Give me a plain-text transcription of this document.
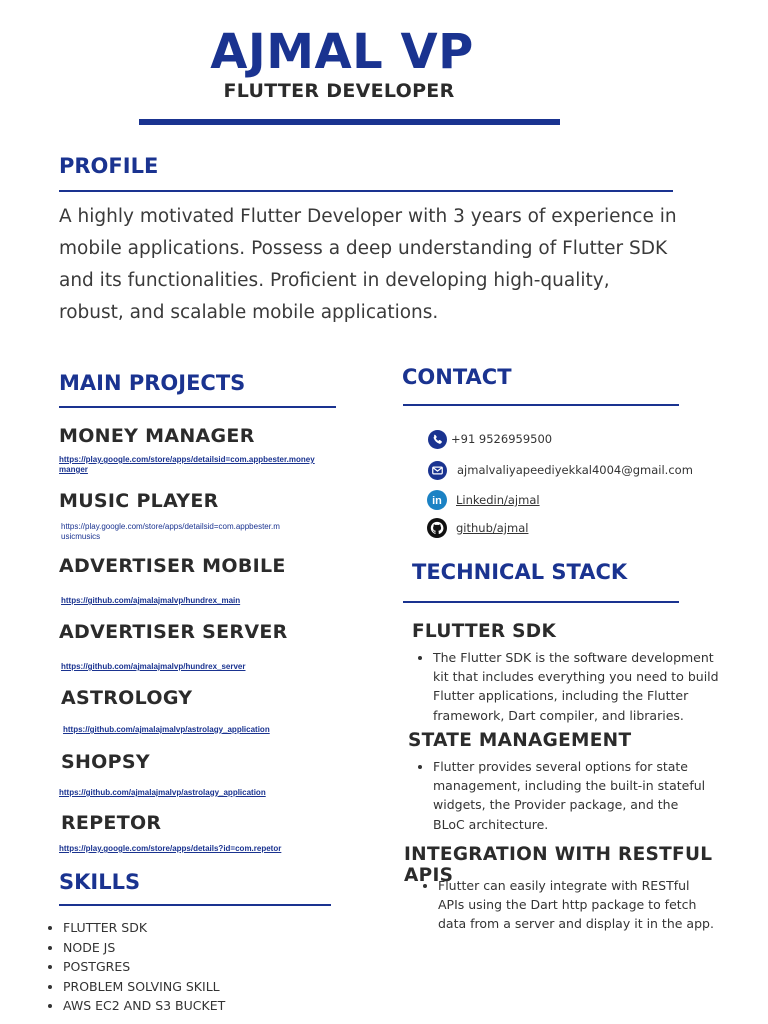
AJMAL VP
FLUTTER DEVELOPER
PROFILE
A highly motivated Flutter Developer with 3 years of experience in mobile applications. Possess a deep understanding of Flutter SDK and its functionalities. Proficient in developing high-quality, robust, and scalable mobile applications.
MAIN PROJECTS
MONEY MANAGER
https://play.google.com/store/apps/detailsid=com.appbester.money
manger
MUSIC PLAYER
https://play.google.com/store/apps/detailsid=com.appbester.m
usicmusics
ADVERTISER MOBILE
https://github.com/ajmalajmalvp/hundrex_main
ADVERTISER SERVER
https://github.com/ajmalajmalvp/hundrex_server
ASTROLOGY
https://github.com/ajmalajmalvp/astrolagy_application
SHOPSY
https://github.com/ajmalajmalvp/astrolagy_application
REPETOR
https://play.google.com/store/apps/details?id=com.repetor
SKILLS
• FLUTTER SDK
• NODE JS
• POSTGRES
• PROBLEM SOLVING SKILL
• AWS EC2 AND S3 BUCKET
CONTACT
+91 9526959500
ajmalvaliyapeediyekkal4004@gmail.com
in Linkedin/ajmal
github/ajmal
TECHNICAL STACK
FLUTTER SDK
• The Flutter SDK is the software development kit that includes everything you need to build Flutter applications, including the Flutter framework, Dart compiler, and libraries.
STATE MANAGEMENT
• Flutter provides several options for state management, including the built-in stateful widgets, the Provider package, and the BLoC architecture.
INTEGRATION WITH RESTFUL APIS
• Flutter can easily integrate with RESTful APIs using the Dart http package to fetch data from a server and display it in the app.
